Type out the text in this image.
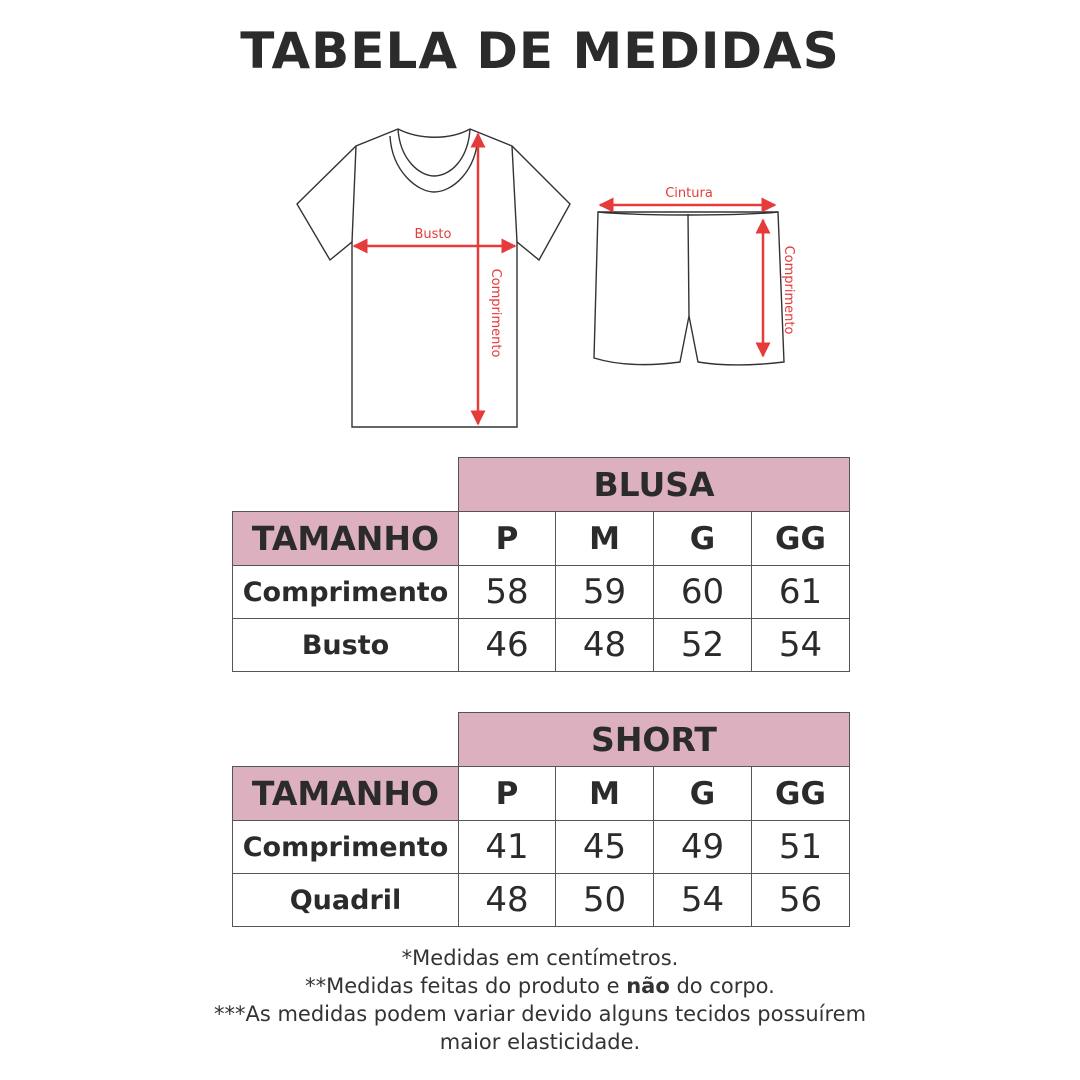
TABELA DE MEDIDAS
Busto
Comprimento
Cintura
Comprimento
	BLUSA			
TAMANHO	P	M	G	GG
Comprimento	58	59	60	61
Busto	46	48	52	54
	SHORT			
TAMANHO	P	M	G	GG
Comprimento	41	45	49	51
Quadril	48	50	54	56
*Medidas em centímetros.
**Medidas feitas do produto e não do corpo.
***As medidas podem variar devido alguns tecidos possuírem
maior elasticidade.
